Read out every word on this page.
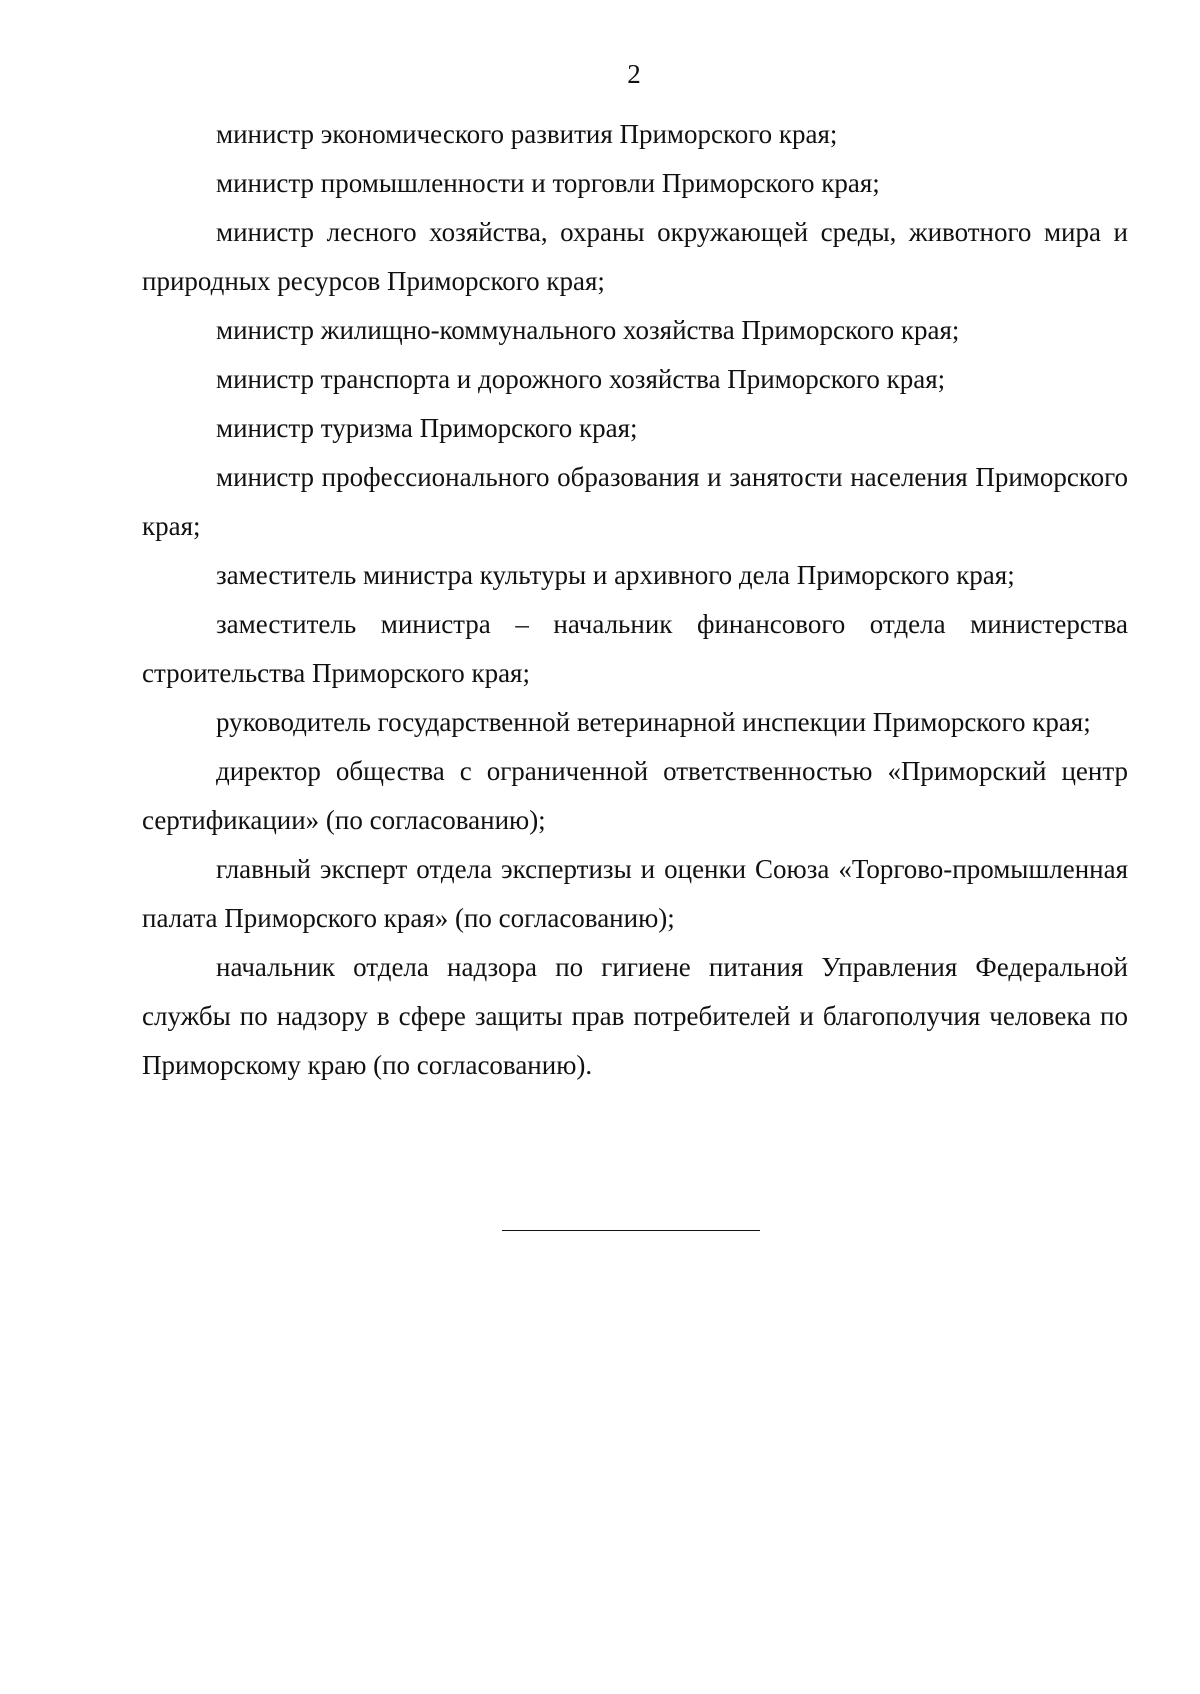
2

министр экономического развития Приморского края;

министр промышленности и торговли Приморского края;

министр лесного хозяйства, охраны окружающей среды, животного мира и природных ресурсов Приморского края;

министр жилищно-коммунального хозяйства Приморского края;

министр транспорта и дорожного хозяйства Приморского края;

министр туризма Приморского края;

министр профессионального образования и занятости населения Приморского края;

заместитель министра культуры и архивного дела Приморского края;

заместитель министра – начальник финансового отдела министерства строительства Приморского края;

руководитель государственной ветеринарной инспекции Приморского края;

директор общества с ограниченной ответственностью «Приморский центр сертификации» (по согласованию);

главный эксперт отдела экспертизы и оценки Союза «Торгово-промышленная палата Приморского края» (по согласованию);

начальник отдела надзора по гигиене питания Управления Федеральной службы по надзору в сфере защиты прав потребителей и благополучия человека по Приморскому краю (по согласованию).
